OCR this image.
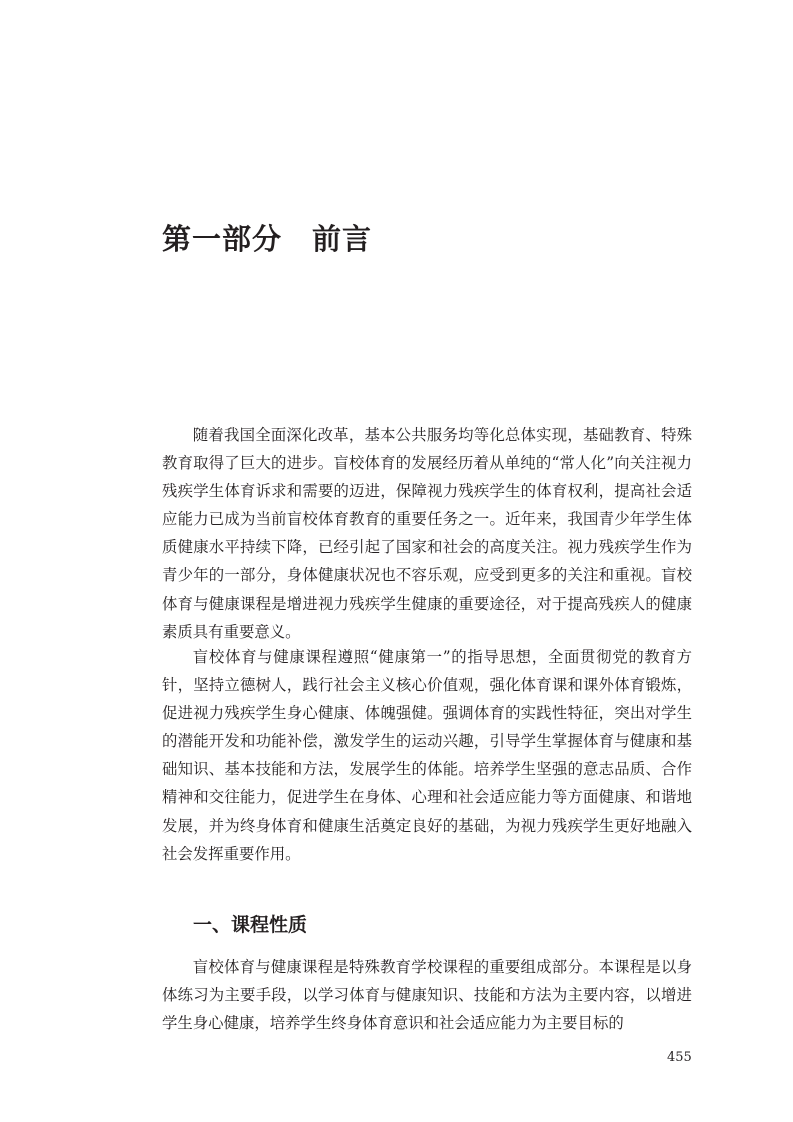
第一部分 前言

随着我国全面深化改革，基本公共服务均等化总体实现，基础教育、特殊教育取得了巨大的进步。盲校体育的发展经历着从单纯的“常人化”向关注视力残疾学生体育诉求和需要的迈进，保障视力残疾学生的体育权利，提高社会适应能力已成为当前盲校体育教育的重要任务之一。近年来，我国青少年学生体质健康水平持续下降，已经引起了国家和社会的高度关注。视力残疾学生作为青少年的一部分，身体健康状况也不容乐观，应受到更多的关注和重视。盲校体育与健康课程是增进视力残疾学生健康的重要途径，对于提高残疾人的健康素质具有重要意义。

盲校体育与健康课程遵照“健康第一”的指导思想，全面贯彻党的教育方针，坚持立德树人，践行社会主义核心价值观，强化体育课和课外体育锻炼，促进视力残疾学生身心健康、体魄强健。强调体育的实践性特征，突出对学生的潜能开发和功能补偿，激发学生的运动兴趣，引导学生掌握体育与健康和基础知识、基本技能和方法，发展学生的体能。培养学生坚强的意志品质、合作精神和交往能力，促进学生在身体、心理和社会适应能力等方面健康、和谐地发展，并为终身体育和健康生活奠定良好的基础，为视力残疾学生更好地融入社会发挥重要作用。

一、课程性质

盲校体育与健康课程是特殊教育学校课程的重要组成部分。本课程是以身体练习为主要手段，以学习体育与健康知识、技能和方法为主要内容，以增进学生身心健康，培养学生终身体育意识和社会适应能力为主要目标的

455
